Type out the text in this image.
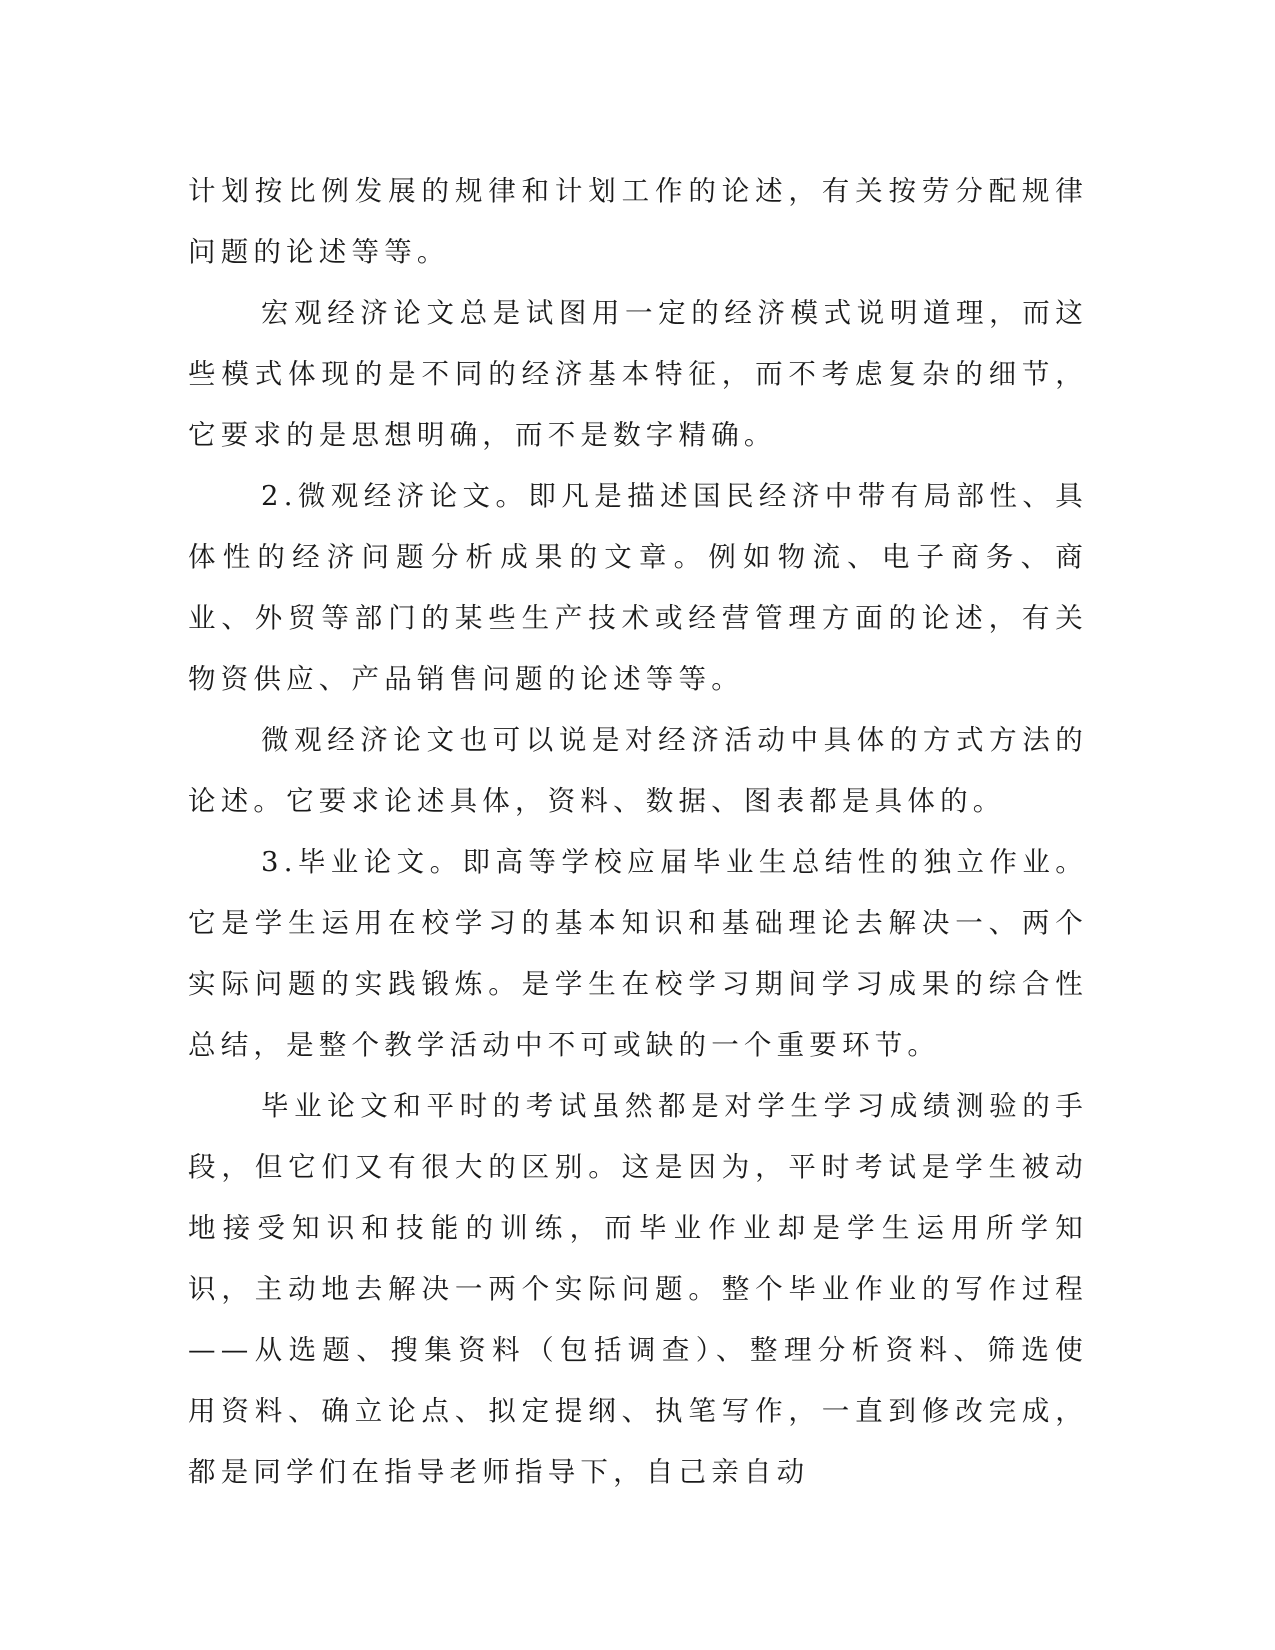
计划按比例发展的规律和计划工作的论述，有关按劳分配规律问题的论述等等。

宏观经济论文总是试图用一定的经济模式说明道理，而这些模式体现的是不同的经济基本特征，而不考虑复杂的细节，它要求的是思想明确，而不是数字精确。

2.微观经济论文。即凡是描述国民经济中带有局部性、具体性的经济问题分析成果的文章。例如物流、电子商务、商业、外贸等部门的某些生产技术或经营管理方面的论述，有关物资供应、产品销售问题的论述等等。

微观经济论文也可以说是对经济活动中具体的方式方法的论述。它要求论述具体，资料、数据、图表都是具体的。

3.毕业论文。即高等学校应届毕业生总结性的独立作业。它是学生运用在校学习的基本知识和基础理论去解决一、两个实际问题的实践锻炼。是学生在校学习期间学习成果的综合性总结，是整个教学活动中不可或缺的一个重要环节。

毕业论文和平时的考试虽然都是对学生学习成绩测验的手段，但它们又有很大的区别。这是因为，平时考试是学生被动地接受知识和技能的训练，而毕业作业却是学生运用所学知识，主动地去解决一两个实际问题。整个毕业作业的写作过程——从选题、搜集资料（包括调查）、整理分析资料、筛选使用资料、确立论点、拟定提纲、执笔写作，一直到修改完成，都是同学们在指导老师指导下，自己亲自动
